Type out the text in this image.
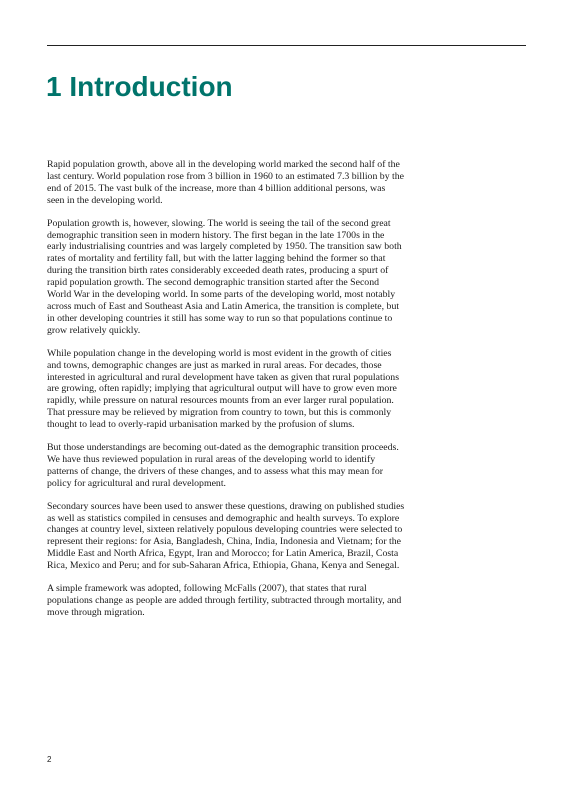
1 Introduction

Rapid population growth, above all in the developing world marked the second half of the last century. World population rose from 3 billion in 1960 to an estimated 7.3 billion by the end of 2015. The vast bulk of the increase, more than 4 billion additional persons, was seen in the developing world.

Population growth is, however, slowing. The world is seeing the tail of the second great demographic transition seen in modern history. The first began in the late 1700s in the early industrialising countries and was largely completed by 1950. The transition saw both rates of mortality and fertility fall, but with the latter lagging behind the former so that during the transition birth rates considerably exceeded death rates, producing a spurt of rapid population growth. The second demographic transition started after the Second World War in the developing world. In some parts of the developing world, most notably across much of East and Southeast Asia and Latin America, the transition is complete, but in other developing countries it still has some way to run so that populations continue to grow relatively quickly.

While population change in the developing world is most evident in the growth of cities and towns, demographic changes are just as marked in rural areas. For decades, those interested in agricultural and rural development have taken as given that rural populations are growing, often rapidly; implying that agricultural output will have to grow even more rapidly, while pressure on natural resources mounts from an ever larger rural population. That pressure may be relieved by migration from country to town, but this is commonly thought to lead to overly-rapid urbanisation marked by the profusion of slums.

But those understandings are becoming out-dated as the demographic transition proceeds. We have thus reviewed population in rural areas of the developing world to identify patterns of change, the drivers of these changes, and to assess what this may mean for policy for agricultural and rural development.

Secondary sources have been used to answer these questions, drawing on published studies as well as statistics compiled in censuses and demographic and health surveys. To explore changes at country level, sixteen relatively populous developing countries were selected to represent their regions: for Asia, Bangladesh, China, India, Indonesia and Vietnam; for the Middle East and North Africa, Egypt, Iran and Morocco; for Latin America, Brazil, Costa Rica, Mexico and Peru; and for sub-Saharan Africa, Ethiopia, Ghana, Kenya and Senegal.

A simple framework was adopted, following McFalls (2007), that states that rural populations change as people are added through fertility, subtracted through mortality, and move through migration.

2
